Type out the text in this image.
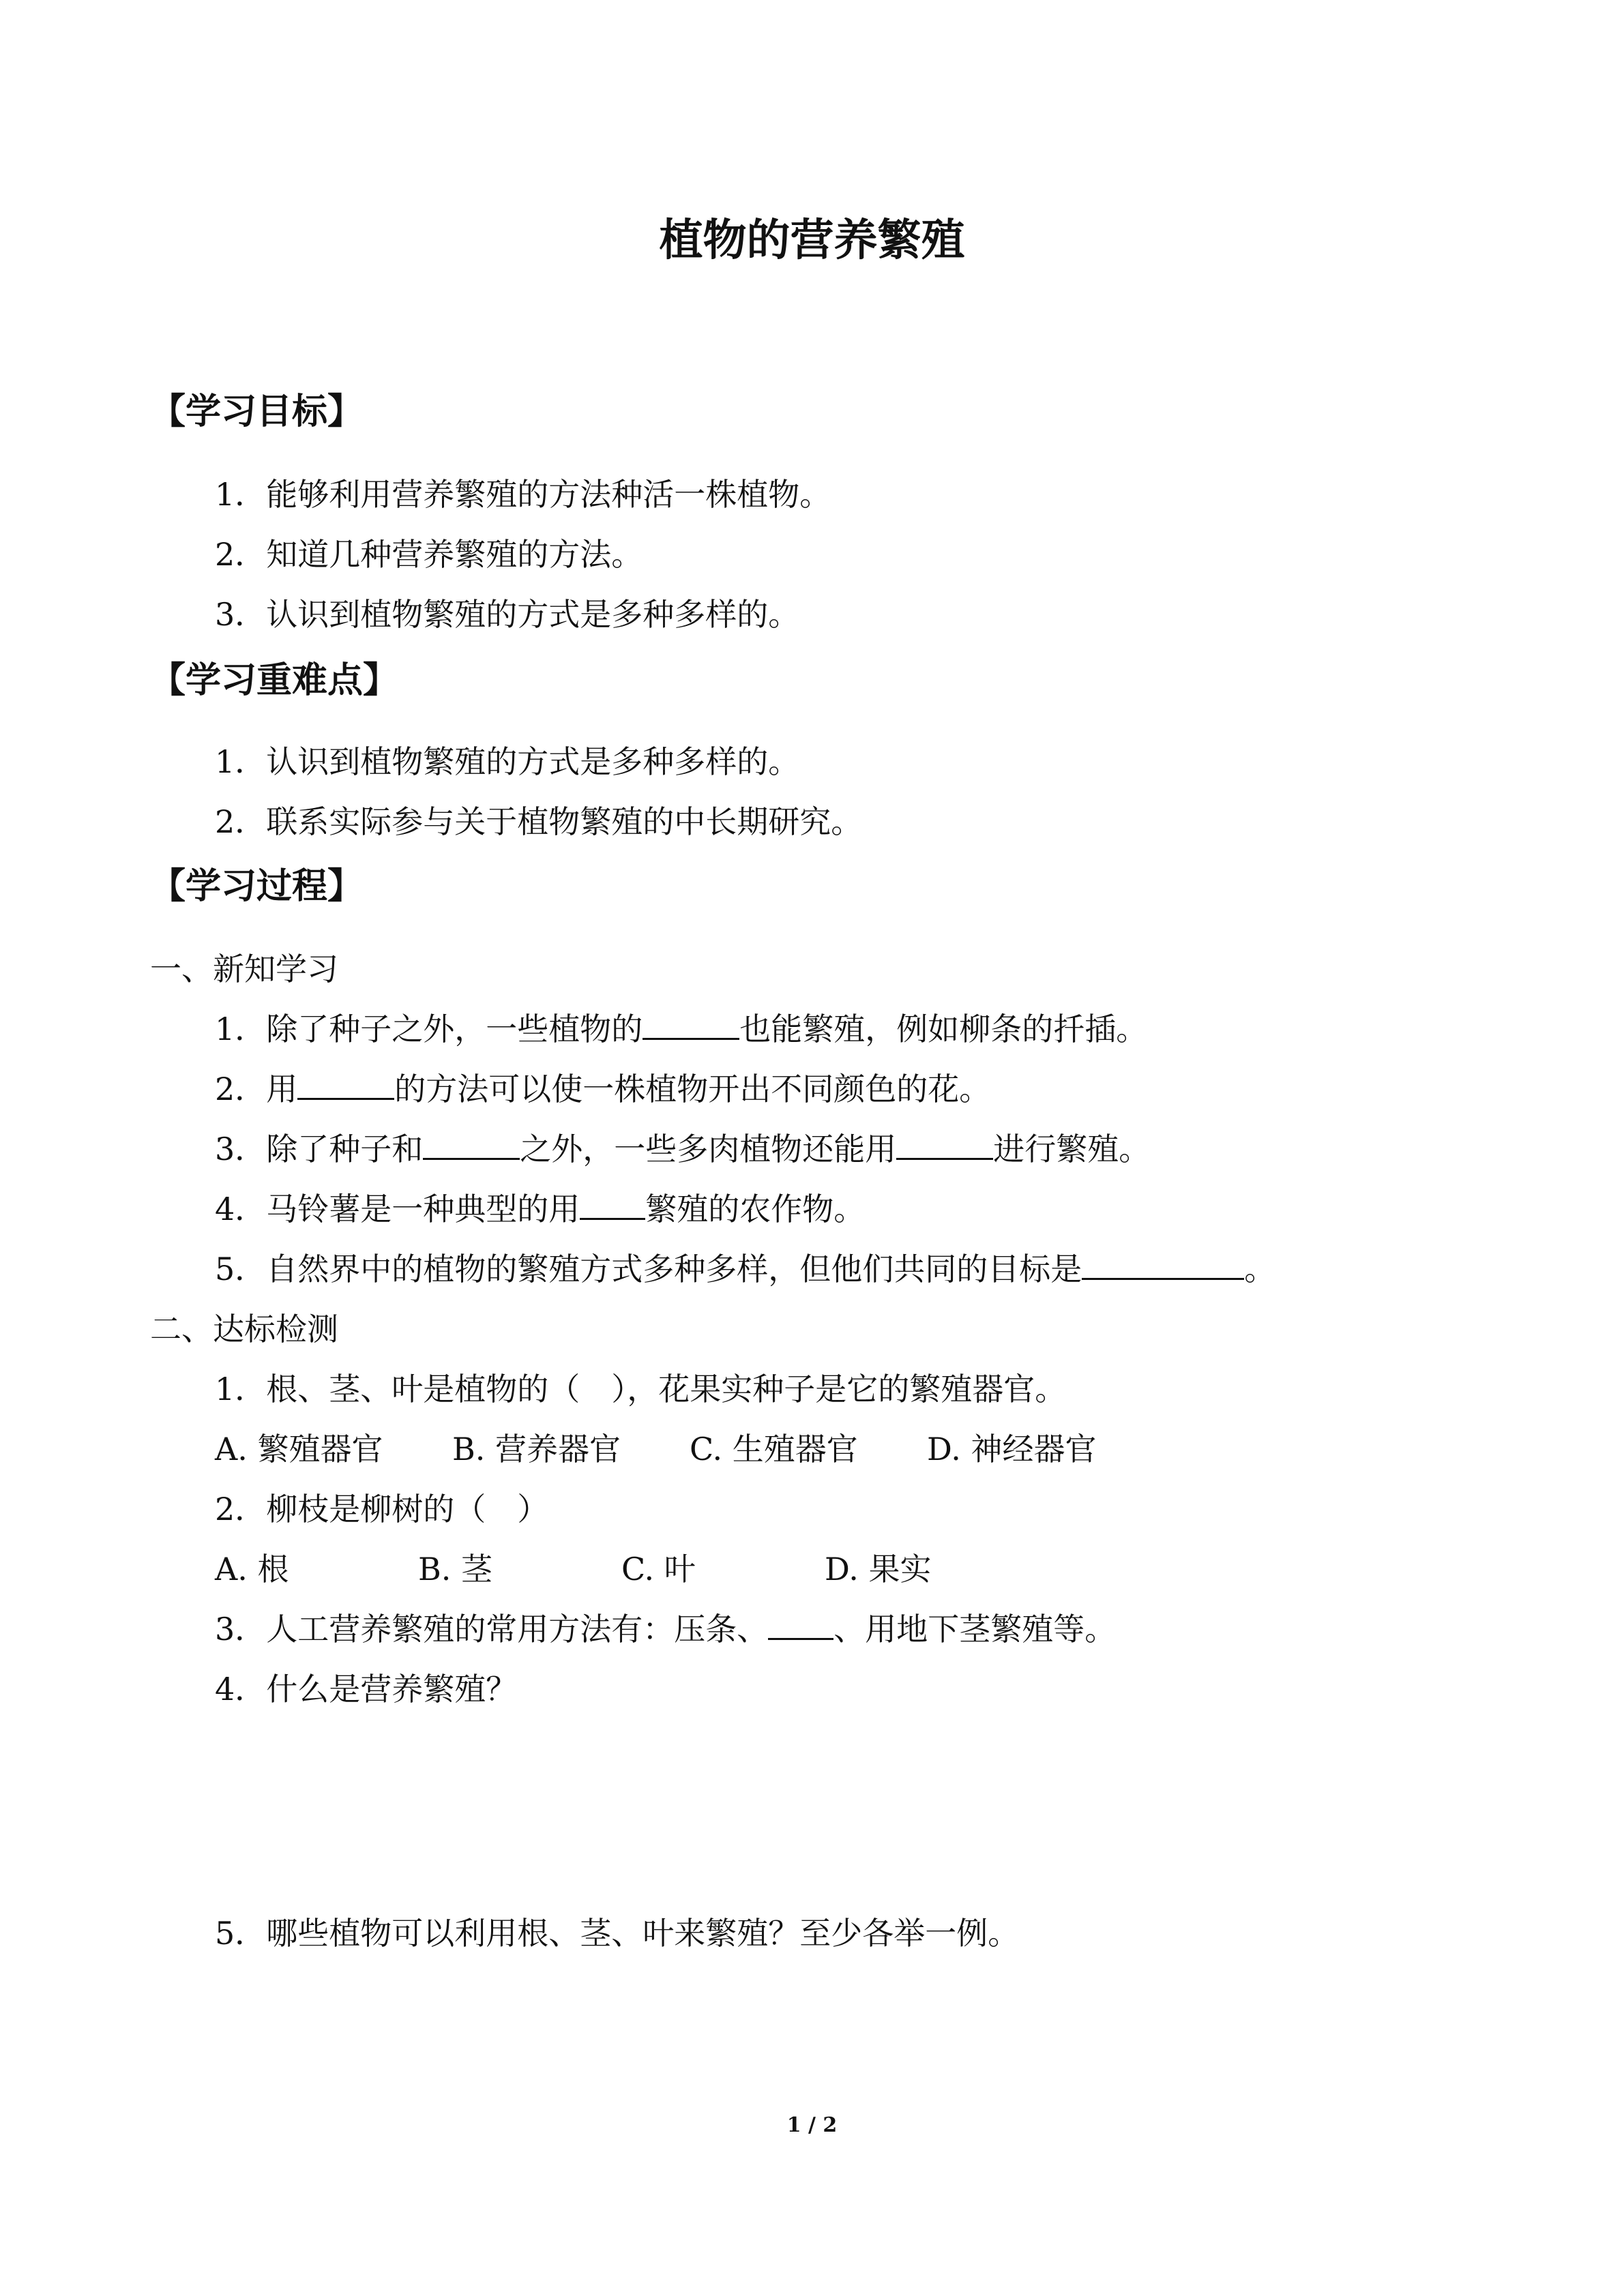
植物的营养繁殖
【学习目标】
1．能够利用营养繁殖的方法种活一株植物。
2．知道几种营养繁殖的方法。
3．认识到植物繁殖的方式是多种多样的。
【学习重难点】
1．认识到植物繁殖的方式是多种多样的。
2．联系实际参与关于植物繁殖的中长期研究。
【学习过程】
一、新知学习
1．除了种子之外，一些植物的	也能繁殖，例如柳条的扦插。
2．用	的方法可以使一株植物开出不同颜色的花。
3．除了种子和	之外，一些多肉植物还能用	进行繁殖。
4．马铃薯是一种典型的用 繁殖的农作物。
5．自然界中的植物的繁殖方式多种多样，但他们共同的目标是	。
二、达标检测
1．根、茎、叶是植物的（　），花果实种子是它的繁殖器官。
A. 繁殖器官 B. 营养器官 C. 生殖器官 D. 神经器官
2．柳枝是柳树的（　）
A. 根	B. 茎	C. 叶	D. 果实
3．人工营养繁殖的常用方法有：压条、 、用地下茎繁殖等。
4．什么是营养繁殖？
5．哪些植物可以利用根、茎、叶来繁殖？至少各举一例。
1 / 2
